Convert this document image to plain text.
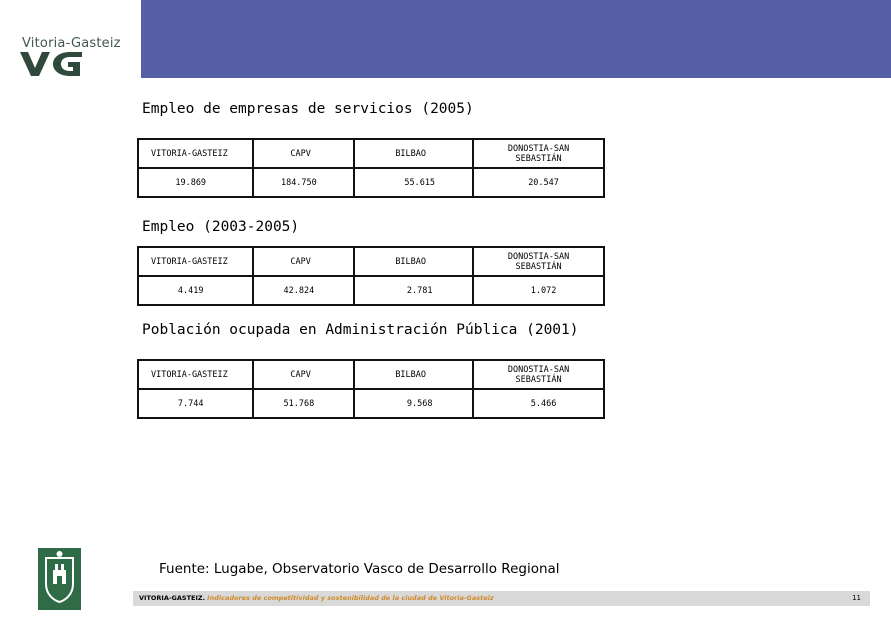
Vitoria-Gasteiz
Empleo de empresas de servicios (2005)
VITORIA-GASTEIZ	CAPV	BILBAO	DONOSTIA-SAN
SEBASTIÁN

19.869	184.750	55.615	20.547
Empleo (2003-2005)
VITORIA-GASTEIZ	CAPV	BILBAO	DONOSTIA-SAN
SEBASTIÁN

4.419	42.824	2.781	1.072
Población ocupada en Administración Pública (2001)
VITORIA-GASTEIZ	CAPV	BILBAO	DONOSTIA-SAN
SEBASTIÁN

7.744	51.768	9.568	5.466
Fuente: Lugabe, Observatorio Vasco de Desarrollo Regional
VITORIA-GASTEIZ. Indicadores de competitividad y sostenibilidad de la ciudad de Vitoria-Gasteiz	11
